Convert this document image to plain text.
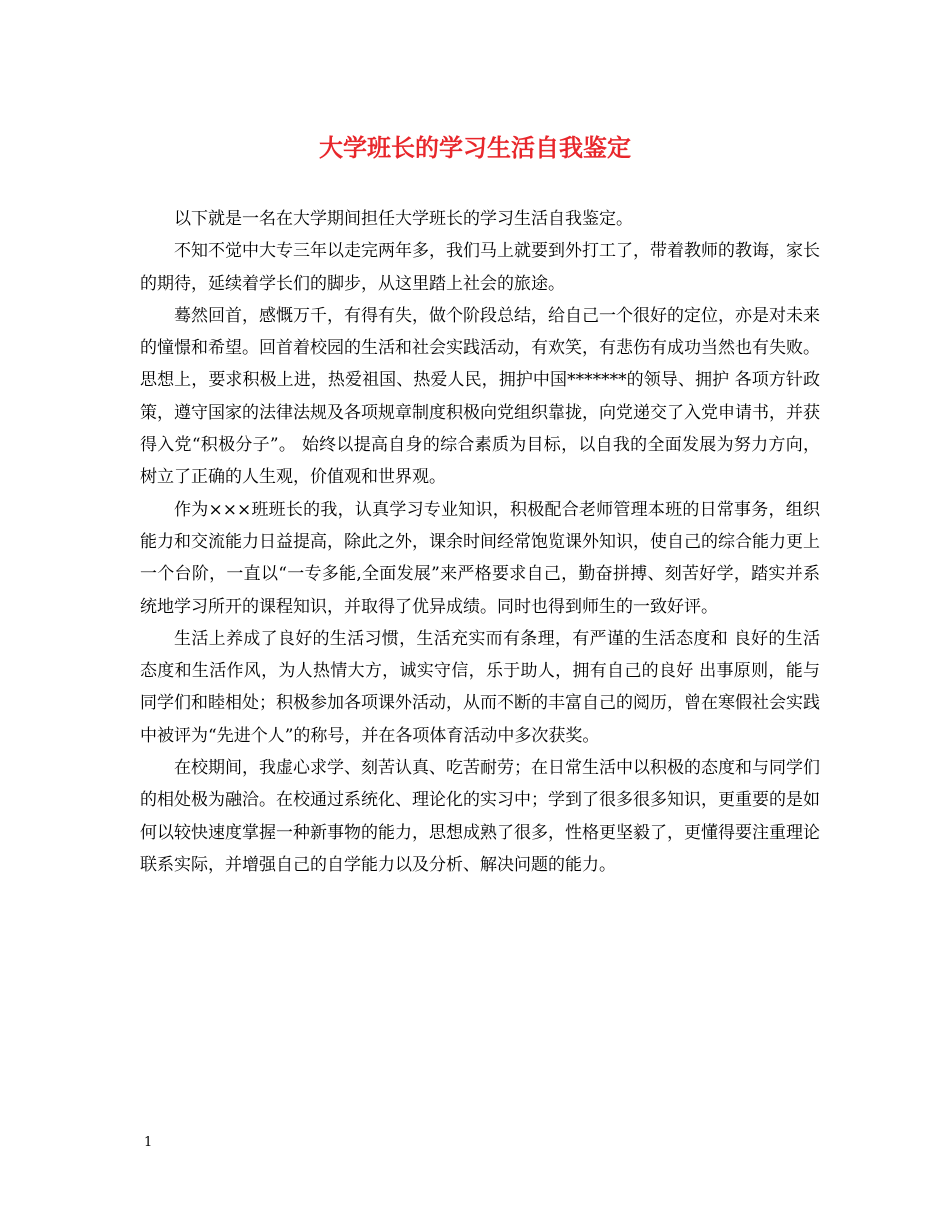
大学班长的学习生活自我鉴定

以下就是一名在大学期间担任大学班长的学习生活自我鉴定。

不知不觉中大专三年以走完两年多，我们马上就要到外打工了，带着教师的教诲，家长的期待，延续着学长们的脚步，从这里踏上社会的旅途。

蓦然回首，感慨万千，有得有失，做个阶段总结，给自己一个很好的定位，亦是对未来的憧憬和希望。回首着校园的生活和社会实践活动，有欢笑，有悲伤有成功当然也有失败。思想上，要求积极上进，热爱祖国、热爱人民，拥护中国*******的领导、拥护 各项方针政策，遵守国家的法律法规及各项规章制度积极向党组织靠拢，向党递交了入党申请书，并获得入党“积极分子”。 始终以提高自身的综合素质为目标，以自我的全面发展为努力方向，树立了正确的人生观，价值观和世界观。

作为×××班班长的我，认真学习专业知识，积极配合老师管理本班的日常事务，组织能力和交流能力日益提高，除此之外，课余时间经常饱览课外知识，使自己的综合能力更上一个台阶，一直以“一专多能,全面发展”来严格要求自己，勤奋拼搏、刻苦好学，踏实并系统地学习所开的课程知识，并取得了优异成绩。同时也得到师生的一致好评。

生活上养成了良好的生活习惯，生活充实而有条理，有严谨的生活态度和 良好的生活态度和生活作风，为人热情大方，诚实守信，乐于助人，拥有自己的良好 出事原则，能与同学们和睦相处；积极参加各项课外活动，从而不断的丰富自己的阅历，曾在寒假社会实践中被评为“先进个人”的称号，并在各项体育活动中多次获奖。

在校期间，我虚心求学、刻苦认真、吃苦耐劳；在日常生活中以积极的态度和与同学们的相处极为融洽。在校通过系统化、理论化的实习中；学到了很多很多知识，更重要的是如何以较快速度掌握一种新事物的能力，思想成熟了很多，性格更坚毅了，更懂得要注重理论联系实际，并增强自己的自学能力以及分析、解决问题的能力。

1
